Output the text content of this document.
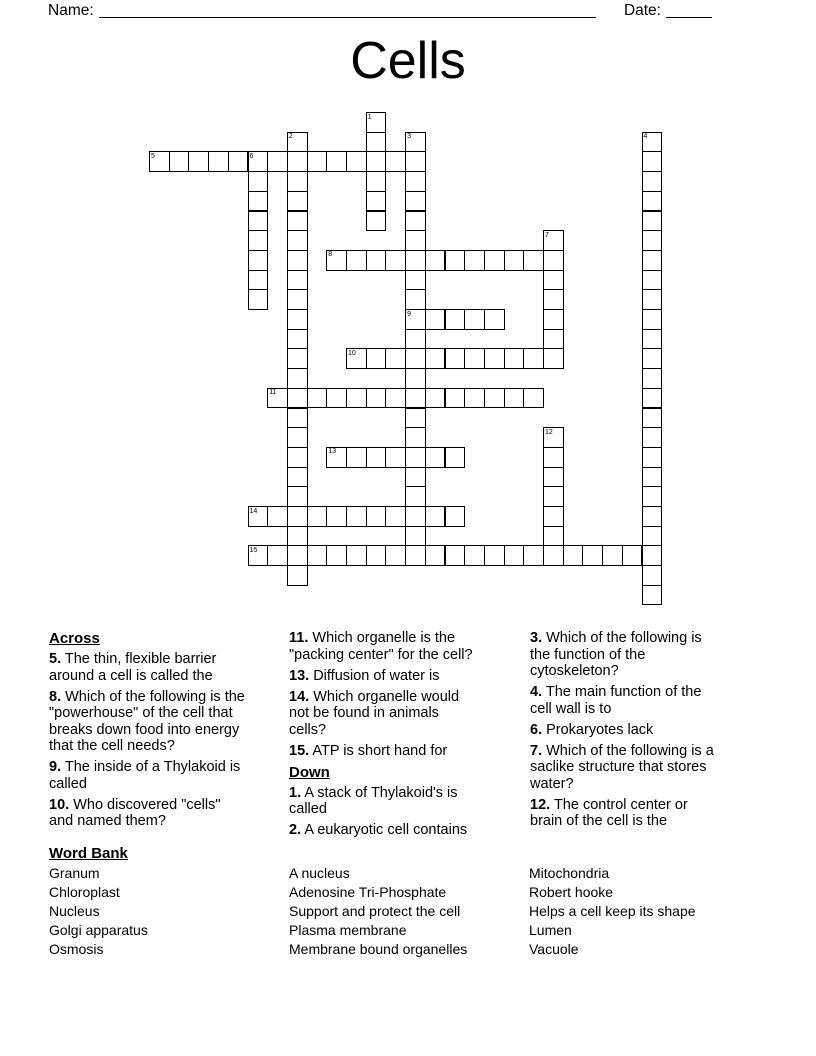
Name:	Date:
Cells
1
2	3	4
5	6
7
8
9
10
11
12
13
14
15
Across

5. The thin, flexible barrier around a cell is called the

8. Which of the following is the "powerhouse" of the cell that breaks down food into energy that the cell needs?

9. The inside of a Thylakoid is called

10. Who discovered "cells" and named them?

11. Which organelle is the "packing center" for the cell?

13. Diffusion of water is

14. Which organelle would not be found in animals cells?

15. ATP is short hand for

Down

1. A stack of Thylakoid's is called

2. A eukaryotic cell contains

3. Which of the following is the function of the cytoskeleton?

4. The main function of the cell wall is to

6. Prokaryotes lack

7. Which of the following is a saclike structure that stores water?

12. The control center or brain of the cell is the

Word Bank
Granum
Chloroplast
Nucleus
Golgi apparatus
Osmosis
A nucleus
Adenosine Tri-Phosphate
Support and protect the cell
Plasma membrane
Membrane bound organelles
Mitochondria
Robert hooke
Helps a cell keep its shape
Lumen
Vacuole
